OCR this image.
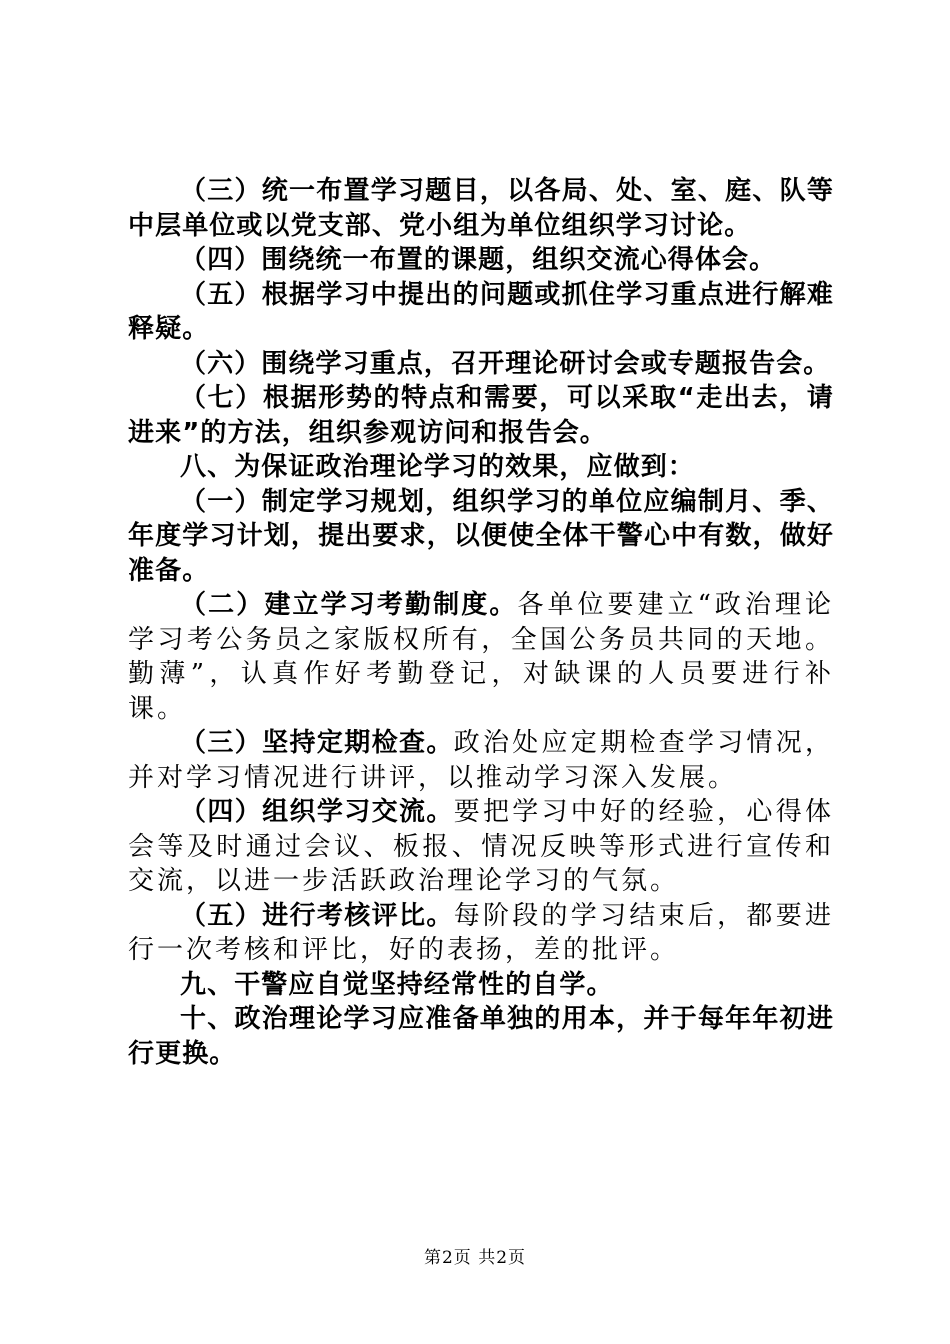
（三）统一布置学习题目，以各局、处、室、庭、队等中层单位或以党支部、党小组为单位组织学习讨论。

（四）围绕统一布置的课题，组织交流心得体会。

（五）根据学习中提出的问题或抓住学习重点进行解难释疑。

（六）围绕学习重点，召开理论研讨会或专题报告会。

（七）根据形势的特点和需要，可以采取“走出去，请进来”的方法，组织参观访问和报告会。

八、为保证政治理论学习的效果，应做到：

（一）制定学习规划，组织学习的单位应编制月、季、年度学习计划，提出要求，以便使全体干警心中有数，做好准备。

（二）建立学习考勤制度。各单位要建立“政治理论学习考公务员之家版权所有，全国公务员共同的天地。勤薄”，认真作好考勤登记，对缺课的人员要进行补课。

（三）坚持定期检查。政治处应定期检查学习情况，并对学习情况进行讲评，以推动学习深入发展。

（四）组织学习交流。要把学习中好的经验，心得体会等及时通过会议、板报、情况反映等形式进行宣传和交流，以进一步活跃政治理论学习的气氛。

（五）进行考核评比。每阶段的学习结束后，都要进行一次考核和评比，好的表扬，差的批评。

九、干警应自觉坚持经常性的自学。

十、政治理论学习应准备单独的用本，并于每年年初进行更换。

第2页 共2页
